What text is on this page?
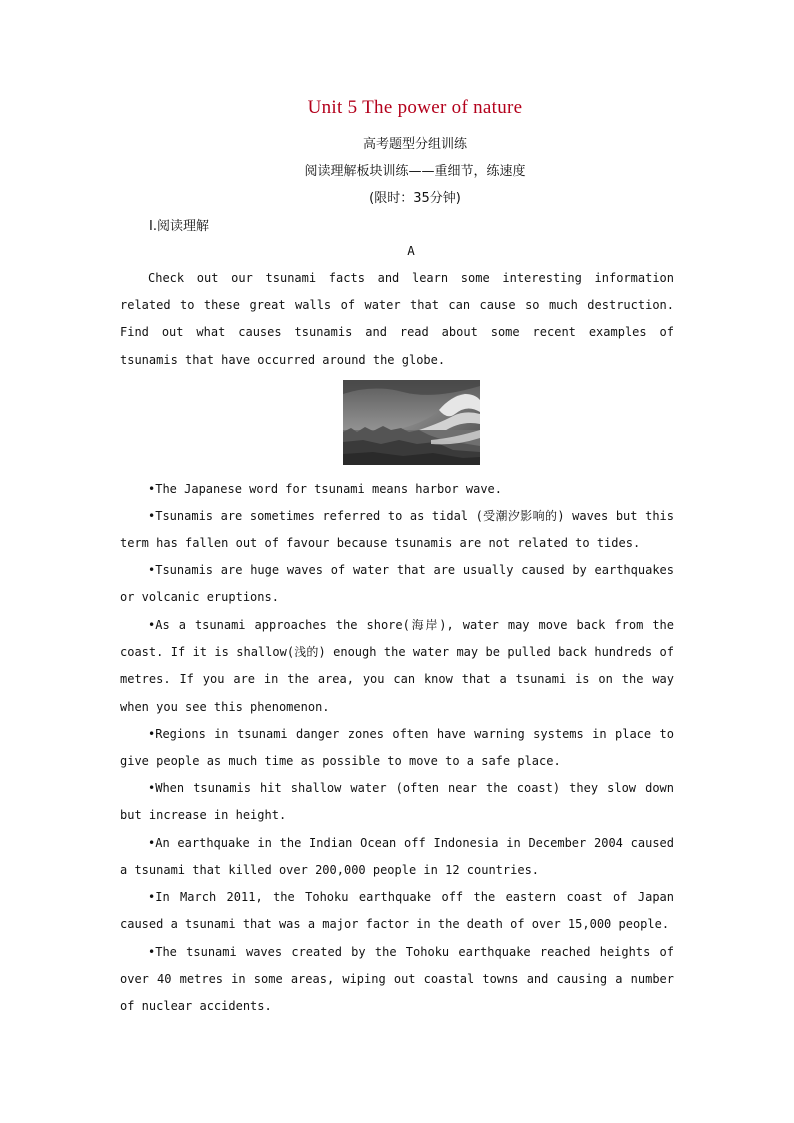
Unit 5 The power of nature
高考题型分组训练
阅读理解板块训练——重细节，练速度
(限时：35分钟)
Ⅰ.阅读理解
A

Check out our tsunami facts and learn some interesting information related to these great walls of water that can cause so much destruction. Find out what causes tsunamis and read about some recent examples of tsunamis that have occurred around the globe.

•The Japanese word for tsunami means harbor wave.

•Tsunamis are sometimes referred to as tidal (受潮汐影响的) waves but this term has fallen out of favour because tsunamis are not related to tides.

•Tsunamis are huge waves of water that are usually caused by earthquakes or volcanic eruptions.

•As a tsunami approaches the shore(海岸), water may move back from the coast. If it is shallow(浅的) enough the water may be pulled back hundreds of metres. If you are in the area, you can know that a tsunami is on the way when you see this phenomenon.

•Regions in tsunami danger zones often have warning systems in place to give people as much time as possible to move to a safe place.

•When tsunamis hit shallow water (often near the coast) they slow down but increase in height.

•An earthquake in the Indian Ocean off Indonesia in December 2004 caused a tsunami that killed over 200,000 people in 12 countries.

•In March 2011, the Tohoku earthquake off the eastern coast of Japan caused a tsunami that was a major factor in the death of over 15,000 people.

•The tsunami waves created by the Tohoku earthquake reached heights of over 40 metres in some areas, wiping out coastal towns and causing a number of nuclear accidents.
